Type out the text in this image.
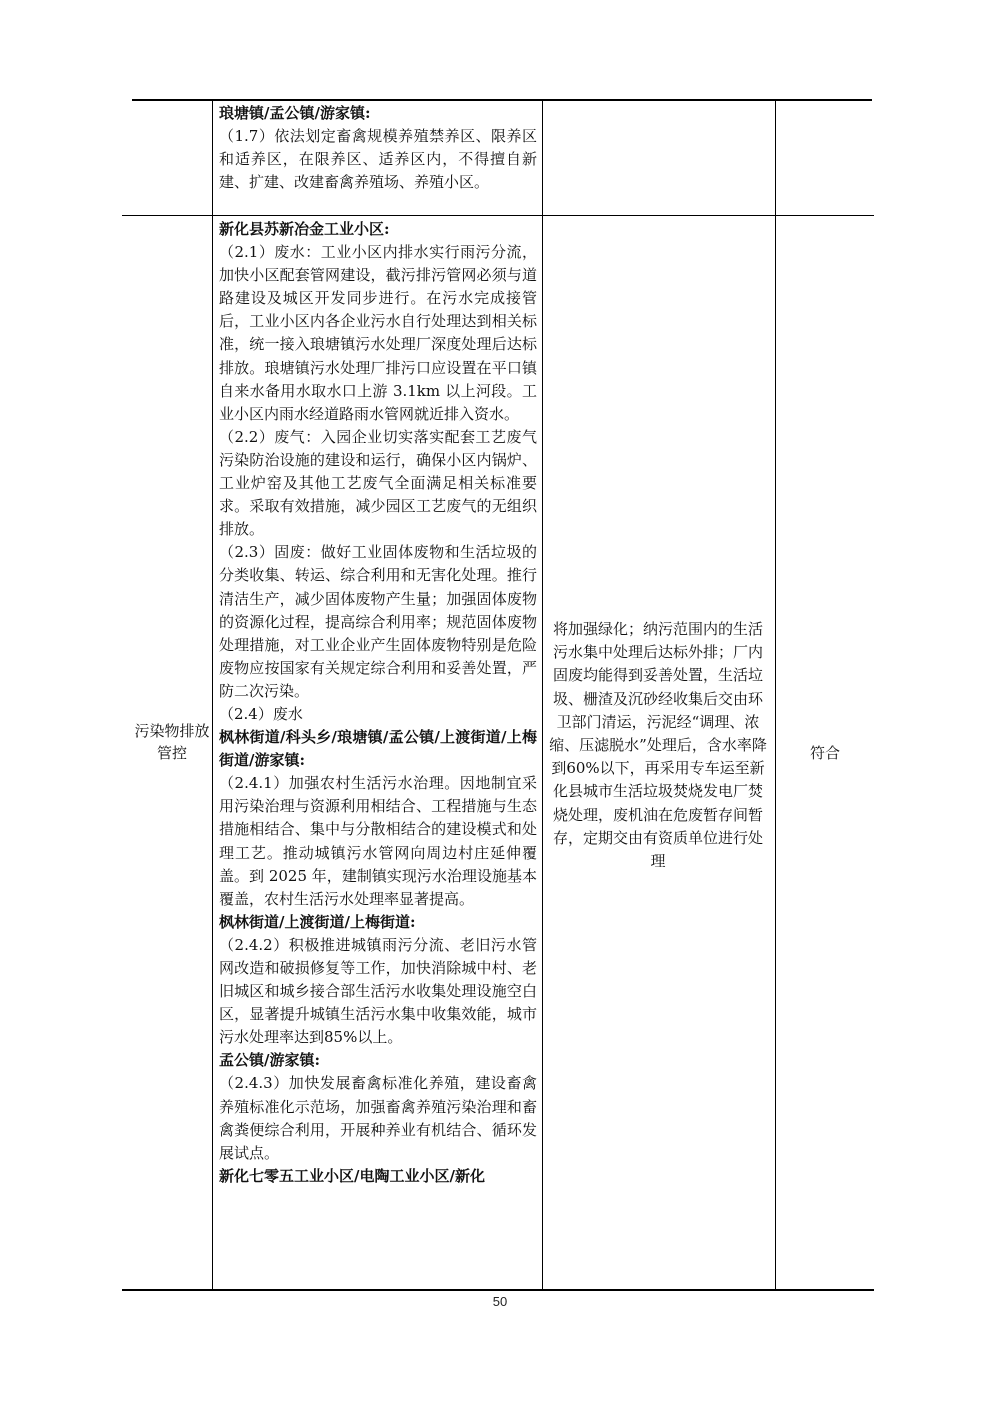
琅塘镇/孟公镇/游家镇:

（1.7）依法划定畜禽规模养殖禁养区、限养区和适养区，在限养区、适养区内，不得擅自新建、扩建、改建畜禽养殖场、养殖小区。

污染物排放管控

新化县苏新冶金工业小区:

（2.1）废水：工业小区内排水实行雨污分流，加快小区配套管网建设，截污排污管网必须与道路建设及城区开发同步进行。在污水完成接管后，工业小区内各企业污水自行处理达到相关标准，统一接入琅塘镇污水处理厂深度处理后达标排放。琅塘镇污水处理厂排污口应设置在平口镇自来水备用水取水口上游 3.1km 以上河段。工业小区内雨水经道路雨水管网就近排入资水。

（2.2）废气：入园企业切实落实配套工艺废气污染防治设施的建设和运行，确保小区内锅炉、工业炉窑及其他工艺废气全面满足相关标准要求。采取有效措施，减少园区工艺废气的无组织排放。

（2.3）固废：做好工业固体废物和生活垃圾的分类收集、转运、综合利用和无害化处理。推行清洁生产，减少固体废物产生量；加强固体废物的资源化过程，提高综合利用率；规范固体废物处理措施，对工业企业产生固体废物特别是危险废物应按国家有关规定综合利用和妥善处置，严防二次污染。

（2.4）废水

枫林街道/科头乡/琅塘镇/孟公镇/上渡街道/上梅街道/游家镇:

（2.4.1）加强农村生活污水治理。因地制宜采用污染治理与资源利用相结合、工程措施与生态措施相结合、集中与分散相结合的建设模式和处理工艺。推动城镇污水管网向周边村庄延伸覆盖。到 2025 年，建制镇实现污水治理设施基本覆盖，农村生活污水处理率显著提高。

枫林街道/上渡街道/上梅街道:

（2.4.2）积极推进城镇雨污分流、老旧污水管网改造和破损修复等工作，加快消除城中村、老旧城区和城乡接合部生活污水收集处理设施空白区，显著提升城镇生活污水集中收集效能，城市污水处理率达到85%以上。

孟公镇/游家镇:

（2.4.3）加快发展畜禽标准化养殖，建设畜禽养殖标准化示范场，加强畜禽养殖污染治理和畜禽粪便综合利用，开展种养业有机结合、循环发展试点。

新化七零五工业小区/电陶工业小区/新化

将加强绿化；纳污范围内的生活污水集中处理后达标外排；厂内固废均能得到妥善处置，生活垃圾、栅渣及沉砂经收集后交由环卫部门清运，污泥经“调理、浓缩、压滤脱水”处理后，含水率降到60%以下，再采用专车运至新化县城市生活垃圾焚烧发电厂焚烧处理，废机油在危废暂存间暂存，定期交由有资质单位进行处理
符合
50
